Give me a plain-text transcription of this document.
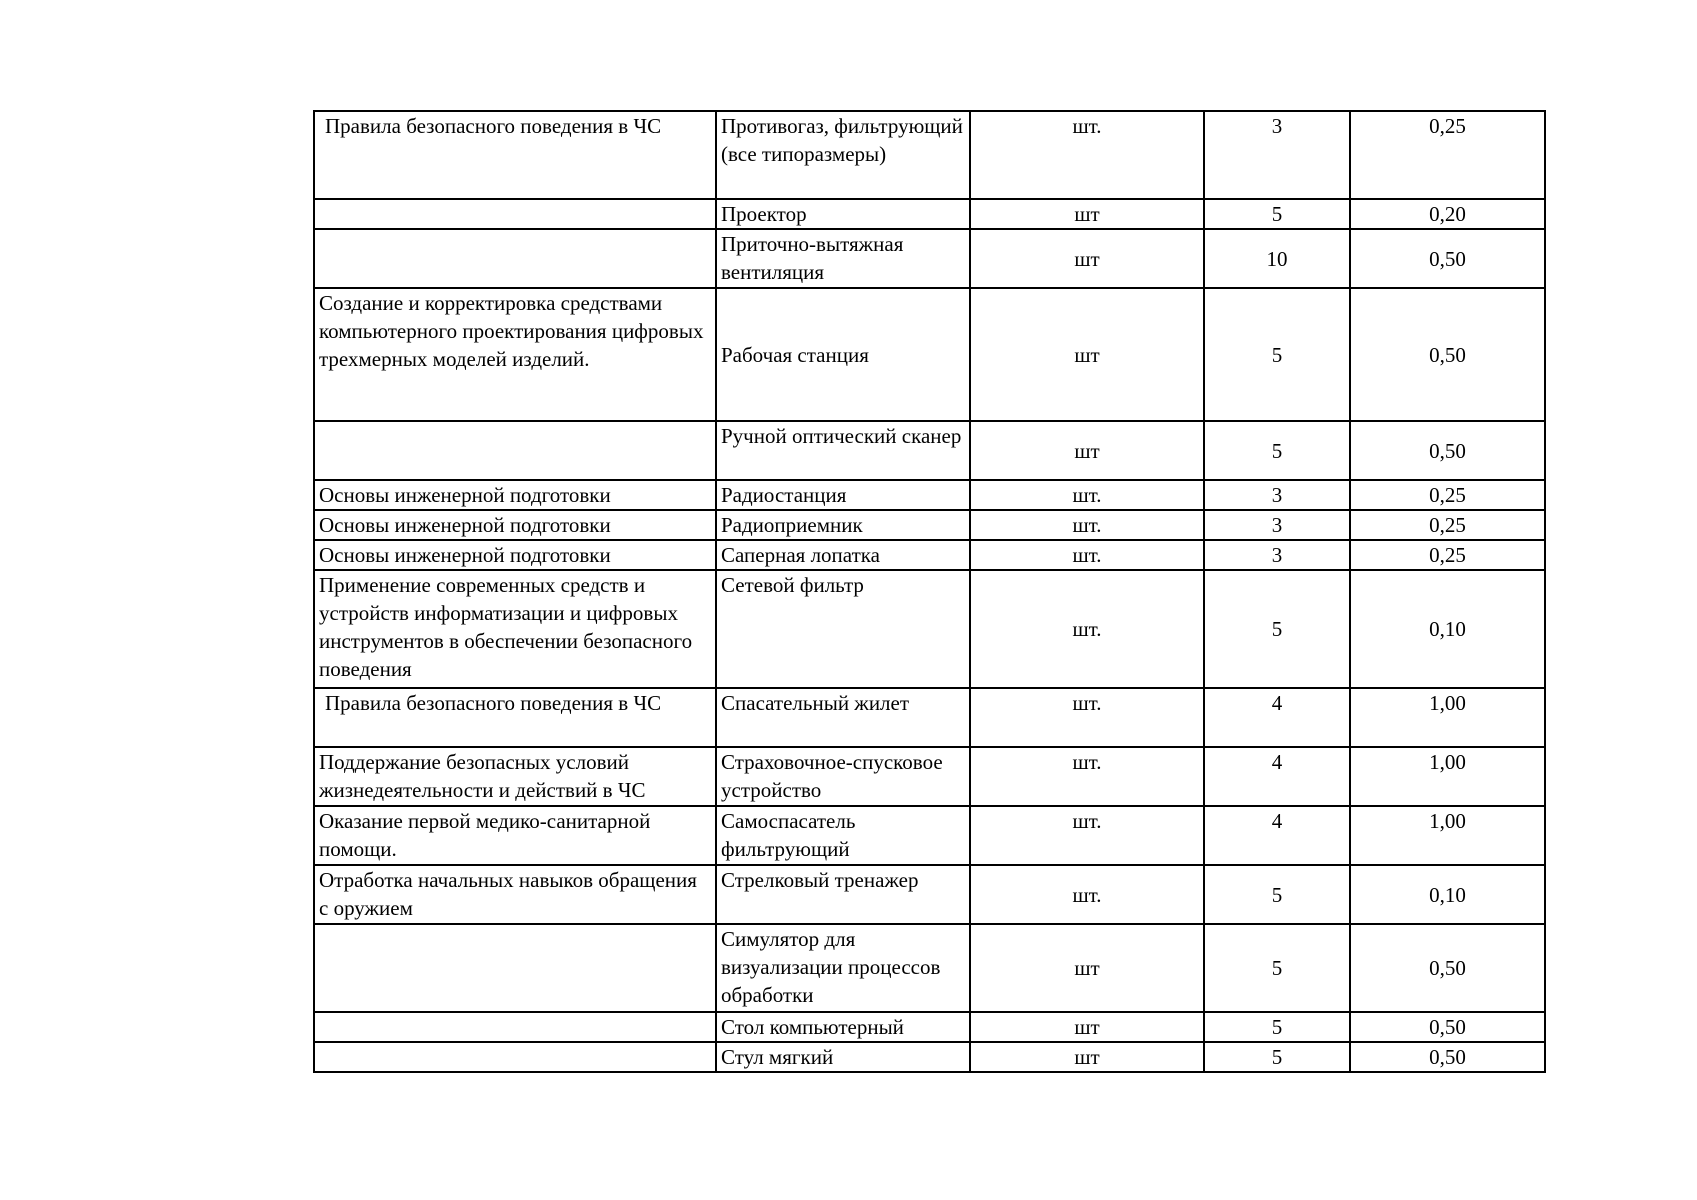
Правила безопасного поведения в ЧС	Противогаз, фильтрующий (все типоразмеры)	шт.	3	0,25
	Проектор	шт	5	0,20
	Приточно-вытяжная вентиляция	шт	10	0,50
Создание и корректировка средствами компьютерного проектирования цифровых трехмерных моделей изделий.	Рабочая станция	шт	5	0,50
	Ручной оптический сканер	шт	5	0,50
Основы инженерной подготовки	Радиостанция	шт.	3	0,25
Основы инженерной подготовки	Радиоприемник	шт.	3	0,25
Основы инженерной подготовки	Саперная лопатка	шт.	3	0,25
Применение современных средств и устройств информатизации и цифровых инструментов в обеспечении безопасного поведения	Сетевой фильтр	шт.	5	0,10
Правила безопасного поведения в ЧС	Спасательный жилет	шт.	4	1,00
Поддержание безопасных условий жизнедеятельности и действий в ЧС	Страховочное-спусковое устройство	шт.	4	1,00
Оказание первой медико-санитарной помощи.	Самоспасатель фильтрующий	шт.	4	1,00
Отработка начальных навыков обращения с оружием	Стрелковый тренажер	шт.	5	0,10
	Симулятор для визуализации процессов обработки	шт	5	0,50
	Стол компьютерный	шт	5	0,50
	Стул мягкий	шт	5	0,50
